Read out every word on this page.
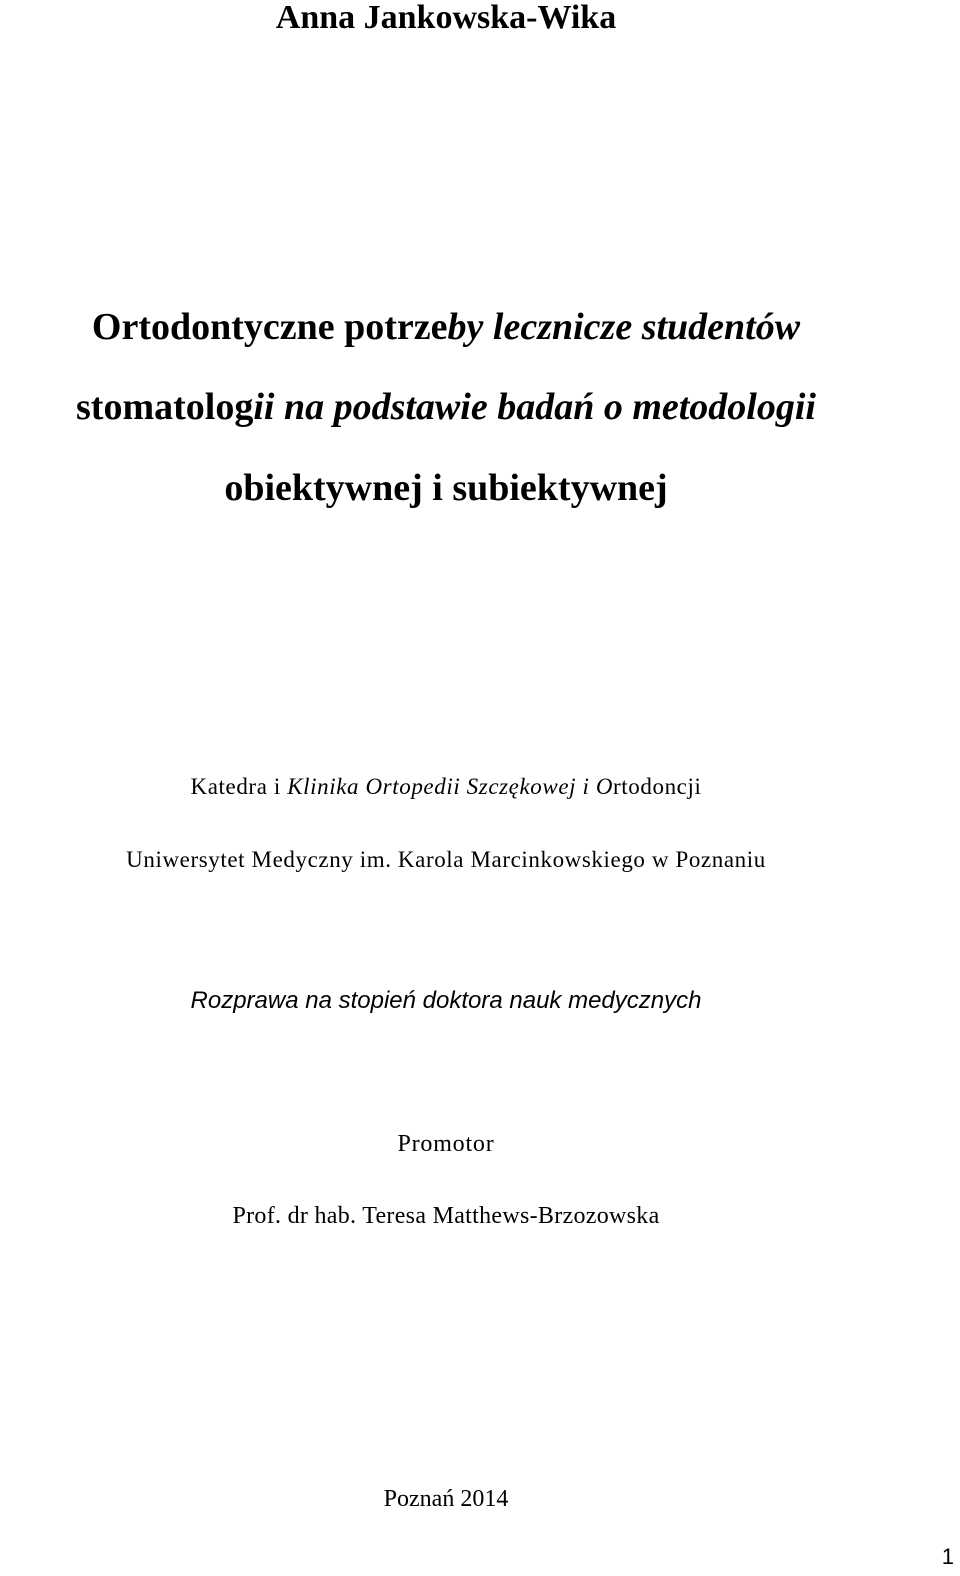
Anna Jankowska-Wika
Ortodontyczne potrzeby lecznicze studentów
stomatologii na podstawie badań o metodologii
obiektywnej i subiektywnej
Katedra i Klinika Ortopedii Szczękowej i Ortodoncji
Uniwersytet Medyczny im. Karola Marcinkowskiego w Poznaniu
Rozprawa na stopień doktora nauk medycznych
Promotor
Prof. dr hab. Teresa Matthews-Brzozowska
Poznań 2014
1
